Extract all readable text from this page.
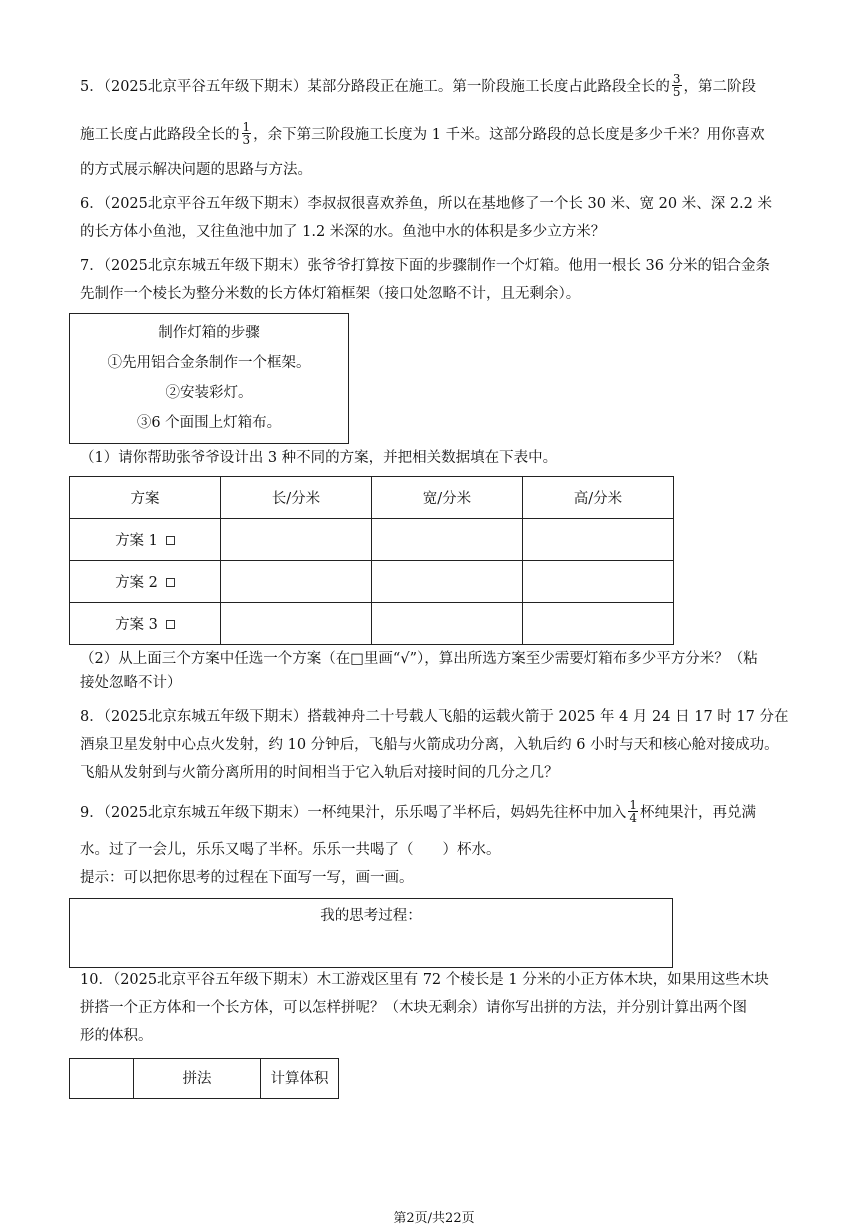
5．（2025北京平谷五年级下期末）某部分路段正在施工。第一阶段施工长度占此路段全长的 $\frac{3}{5}$ ，第二阶段
施工长度占此路段全长的 $\frac{1}{3}$ ，余下第三阶段施工长度为 1 千米。这部分路段的总长度是多少千米？用你喜欢
的方式展示解决问题的思路与方法。
6．（2025北京平谷五年级下期末）李叔叔很喜欢养鱼，所以在基地修了一个长 30 米、宽 20 米、深 2.2 米
的长方体小鱼池，又往鱼池中加了 1.2 米深的水。鱼池中水的体积是多少立方米？
7．（2025北京东城五年级下期末）张爷爷打算按下面的步骤制作一个灯箱。他用一根长 36 分米的铝合金条
先制作一个棱长为整分米数的长方体灯箱框架（接口处忽略不计，且无剩余）。
制作灯箱的步骤
①先用铝合金条制作一个框架。
②安装彩灯。
③6 个面围上灯箱布。
（1）请你帮助张爷爷设计出 3 种不同的方案，并把相关数据填在下表中。
方案	长/分米	宽/分米	高/分米
方案 1			
方案 2			
方案 3			
（2）从上面三个方案中任选一个方案（在□里画“√”），算出所选方案至少需要灯箱布多少平方分米？（粘
接处忽略不计）
8．（2025北京东城五年级下期末）搭载神舟二十号载人飞船的运载火箭于 2025 年 4 月 24 日 17 时 17 分在
酒泉卫星发射中心点火发射，约 10 分钟后，飞船与火箭成功分离，入轨后约 6 小时与天和核心舱对接成功。
飞船从发射到与火箭分离所用的时间相当于它入轨后对接时间的几分之几？
9．（2025北京东城五年级下期末）一杯纯果汁，乐乐喝了半杯后，妈妈先往杯中加入 $\frac{1}{4}$ 杯纯果汁，再兑满
水。过了一会儿，乐乐又喝了半杯。乐乐一共喝了（　　）杯水。
提示：可以把你思考的过程在下面写一写，画一画。
我的思考过程：
10．（2025北京平谷五年级下期末）木工游戏区里有 72 个棱长是 1 分米的小正方体木块，如果用这些木块
拼搭一个正方体和一个长方体，可以怎样拼呢？（木块无剩余）请你写出拼的方法，并分别计算出两个图
形的体积。
	拼法	计算体积
第2页/共22页
